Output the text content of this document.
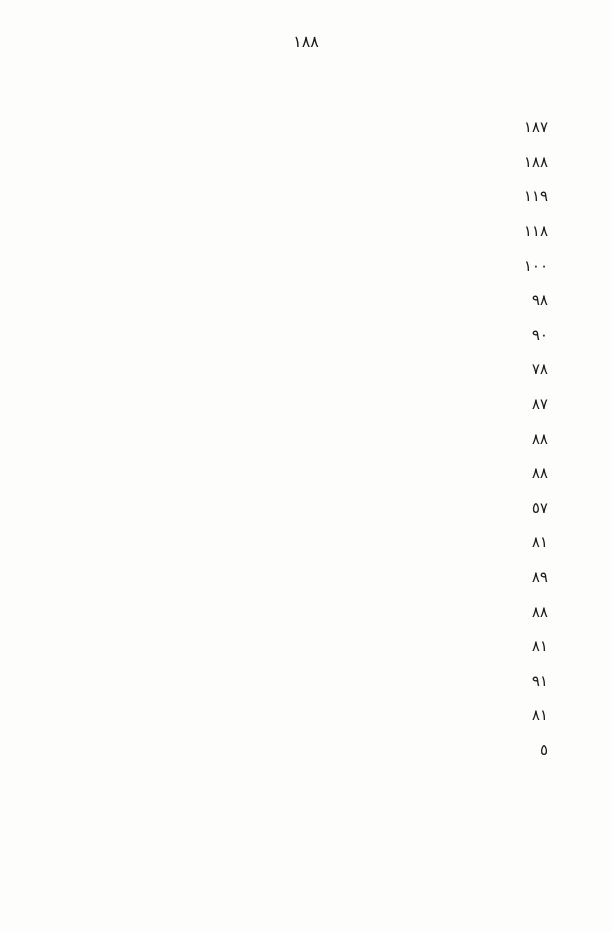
١٨٨
١٨٧
١٨٨
١١٩
١١٨
١٠٠
٩٨
٩٠
٧٨
٨٧
٨٨
٨٨
٥٧
٨١
٨٩
٨٨
٨١
٩١
٨١
٥
